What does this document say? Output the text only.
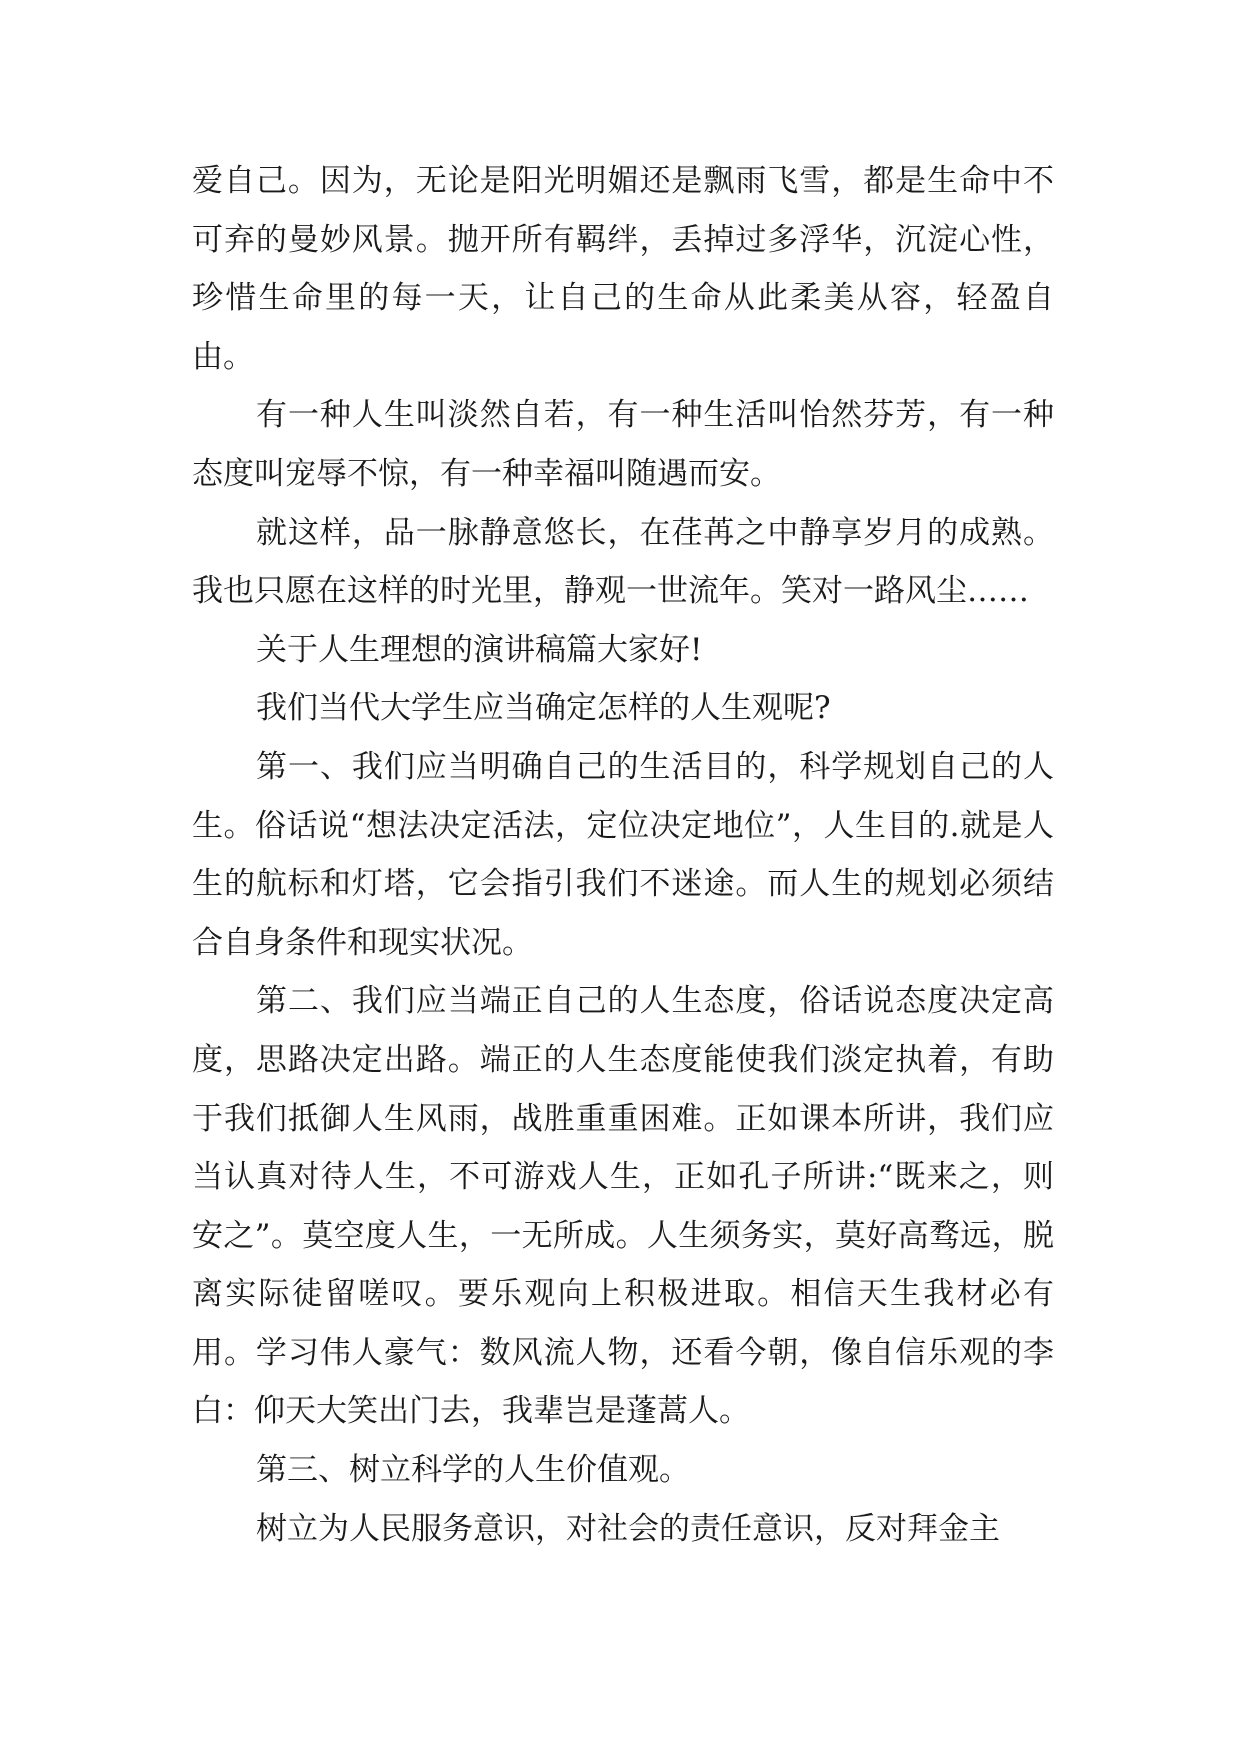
爱自己。因为，无论是阳光明媚还是飘雨飞雪，都是生命中不可弃的曼妙风景。抛开所有羁绊，丢掉过多浮华，沉淀心性，珍惜生命里的每一天，让自己的生命从此柔美从容，轻盈自由。

有一种人生叫淡然自若，有一种生活叫怡然芬芳，有一种态度叫宠辱不惊，有一种幸福叫随遇而安。

就这样，品一脉静意悠长，在荏苒之中静享岁月的成熟。我也只愿在这样的时光里，静观一世流年。笑对一路风尘……

关于人生理想的演讲稿篇大家好!

我们当代大学生应当确定怎样的人生观呢?

第一、我们应当明确自己的生活目的，科学规划自己的人生。俗话说“想法决定活法，定位决定地位”，人生目的.就是人生的航标和灯塔，它会指引我们不迷途。而人生的规划必须结合自身条件和现实状况。

第二、我们应当端正自己的人生态度，俗话说态度决定高度，思路决定出路。端正的人生态度能使我们淡定执着，有助于我们抵御人生风雨，战胜重重困难。正如课本所讲，我们应当认真对待人生，不可游戏人生，正如孔子所讲:“既来之，则安之”。莫空度人生，一无所成。人生须务实，莫好高骛远，脱离实际徒留嗟叹。要乐观向上积极进取。相信天生我材必有用。学习伟人豪气：数风流人物，还看今朝，像自信乐观的李白：仰天大笑出门去，我辈岂是蓬蒿人。

第三、树立科学的人生价值观。

树立为人民服务意识，对社会的责任意识，反对拜金主
